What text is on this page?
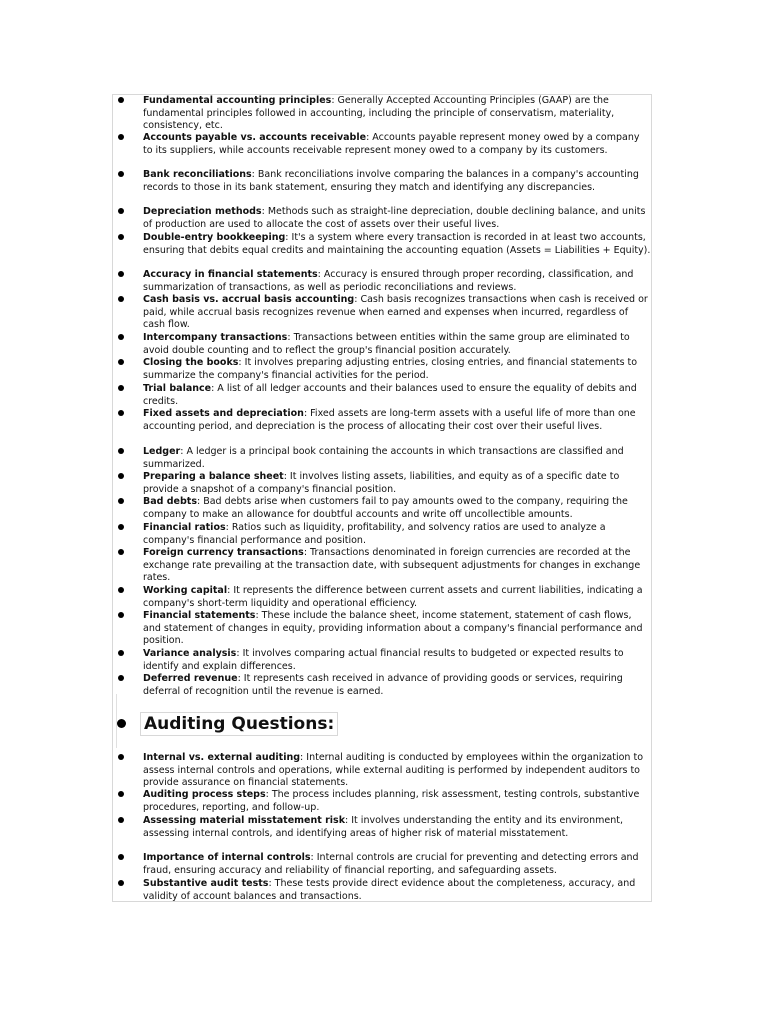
Fundamental accounting principles: Generally Accepted Accounting Principles (GAAP) are the fundamental principles followed in accounting, including the principle of conservatism, materiality, consistency, etc.

Accounts payable vs. accounts receivable: Accounts payable represent money owed by a company to its suppliers, while accounts receivable represent money owed to a company by its customers.

Bank reconciliations: Bank reconciliations involve comparing the balances in a company's accounting records to those in its bank statement, ensuring they match and identifying any discrepancies.

Depreciation methods: Methods such as straight-line depreciation, double declining balance, and units of production are used to allocate the cost of assets over their useful lives.

Double-entry bookkeeping: It's a system where every transaction is recorded in at least two accounts, ensuring that debits equal credits and maintaining the accounting equation (Assets = Liabilities + Equity).

Accuracy in financial statements: Accuracy is ensured through proper recording, classification, and summarization of transactions, as well as periodic reconciliations and reviews.

Cash basis vs. accrual basis accounting: Cash basis recognizes transactions when cash is received or paid, while accrual basis recognizes revenue when earned and expenses when incurred, regardless of cash flow.

Intercompany transactions: Transactions between entities within the same group are eliminated to avoid double counting and to reflect the group's financial position accurately.

Closing the books: It involves preparing adjusting entries, closing entries, and financial statements to summarize the company's financial activities for the period.

Trial balance: A list of all ledger accounts and their balances used to ensure the equality of debits and credits.

Fixed assets and depreciation: Fixed assets are long-term assets with a useful life of more than one accounting period, and depreciation is the process of allocating their cost over their useful lives.

Ledger: A ledger is a principal book containing the accounts in which transactions are classified and summarized.

Preparing a balance sheet: It involves listing assets, liabilities, and equity as of a specific date to provide a snapshot of a company's financial position.

Bad debts: Bad debts arise when customers fail to pay amounts owed to the company, requiring the company to make an allowance for doubtful accounts and write off uncollectible amounts.

Financial ratios: Ratios such as liquidity, profitability, and solvency ratios are used to analyze a company's financial performance and position.

Foreign currency transactions: Transactions denominated in foreign currencies are recorded at the exchange rate prevailing at the transaction date, with subsequent adjustments for changes in exchange rates.

Working capital: It represents the difference between current assets and current liabilities, indicating a company's short-term liquidity and operational efficiency.

Financial statements: These include the balance sheet, income statement, statement of cash flows, and statement of changes in equity, providing information about a company's financial performance and position.

Variance analysis: It involves comparing actual financial results to budgeted or expected results to identify and explain differences.

Deferred revenue: It represents cash received in advance of providing goods or services, requiring deferral of recognition until the revenue is earned.

Auditing Questions:

Internal vs. external auditing: Internal auditing is conducted by employees within the organization to assess internal controls and operations, while external auditing is performed by independent auditors to provide assurance on financial statements.

Auditing process steps: The process includes planning, risk assessment, testing controls, substantive procedures, reporting, and follow-up.

Assessing material misstatement risk: It involves understanding the entity and its environment, assessing internal controls, and identifying areas of higher risk of material misstatement.

Importance of internal controls: Internal controls are crucial for preventing and detecting errors and fraud, ensuring accuracy and reliability of financial reporting, and safeguarding assets.

Substantive audit tests: These tests provide direct evidence about the completeness, accuracy, and validity of account balances and transactions.
